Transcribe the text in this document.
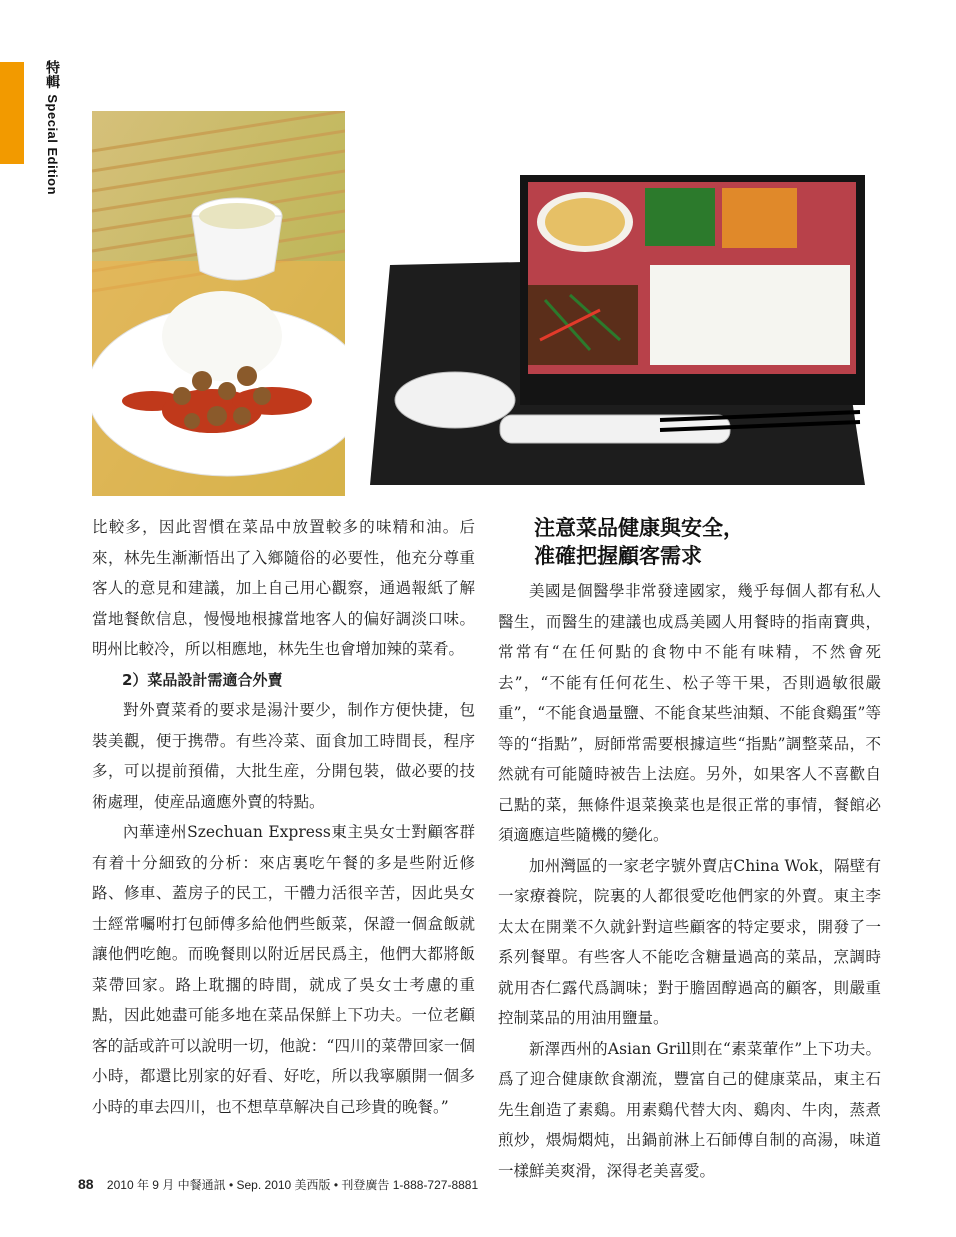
特輯 Special Edition

比較多，因此習慣在菜品中放置較多的味精和油。后來，林先生漸漸悟出了入鄉隨俗的必要性，他充分尊重客人的意見和建議，加上自己用心觀察，通過報紙了解當地餐飲信息，慢慢地根據當地客人的偏好調淡口味。明州比較冷，所以相應地，林先生也會增加辣的菜肴。

2）菜品設計需適合外賣

對外賣菜肴的要求是湯汁要少，制作方便快捷，包裝美觀，便于携帶。有些冷菜、面食加工時間長，程序多，可以提前預備，大批生産，分開包裝，做必要的技術處理，使産品適應外賣的特點。

內華達州Szechuan Express東主吳女士對顧客群有着十分細致的分析：來店裏吃午餐的多是些附近修路、修車、蓋房子的民工，干體力活很辛苦，因此吳女士經常囑咐打包師傅多給他們些飯菜，保證一個盒飯就讓他們吃飽。而晚餐則以附近居民爲主，他們大都將飯菜帶回家。路上耽擱的時間，就成了吳女士考慮的重點，因此她盡可能多地在菜品保鮮上下功夫。一位老顧客的話或許可以說明一切，他說：“四川的菜帶回家一個小時，都還比別家的好看、好吃，所以我寧願開一個多小時的車去四川，也不想草草解决自己珍貴的晚餐。”

注意菜品健康與安全，
准確把握顧客需求

美國是個醫學非常發達國家，幾乎每個人都有私人醫生，而醫生的建議也成爲美國人用餐時的指南寶典，常常有“在任何點的食物中不能有味精，不然會死去”，“不能有任何花生、松子等干果，否則過敏很嚴重”，“不能食過量鹽、不能食某些油類、不能食鷄蛋”等等的“指點”，厨師常需要根據這些“指點”調整菜品，不然就有可能隨時被告上法庭。另外，如果客人不喜歡自己點的菜，無條件退菜換菜也是很正常的事情，餐館必須適應這些隨機的變化。

加州灣區的一家老字號外賣店China Wok，隔壁有一家療養院，院裏的人都很愛吃他們家的外賣。東主李太太在開業不久就針對這些顧客的特定要求，開發了一系列餐單。有些客人不能吃含糖量過高的菜品，烹調時就用杏仁露代爲調味；對于膽固醇過高的顧客，則嚴重控制菜品的用油用鹽量。

新澤西州的Asian Grill則在“素菜葷作”上下功夫。爲了迎合健康飲食潮流，豐富自己的健康菜品，東主石先生創造了素鷄。用素鷄代替大肉、鷄肉、牛肉，蒸煮煎炒，煨焗燜炖，出鍋前淋上石師傅自制的高湯，味道一樣鮮美爽滑，深得老美喜愛。

88 2010 年 9 月 中餐通訊 • Sep. 2010 美西版 • 刊登廣告 1-888-727-8881
